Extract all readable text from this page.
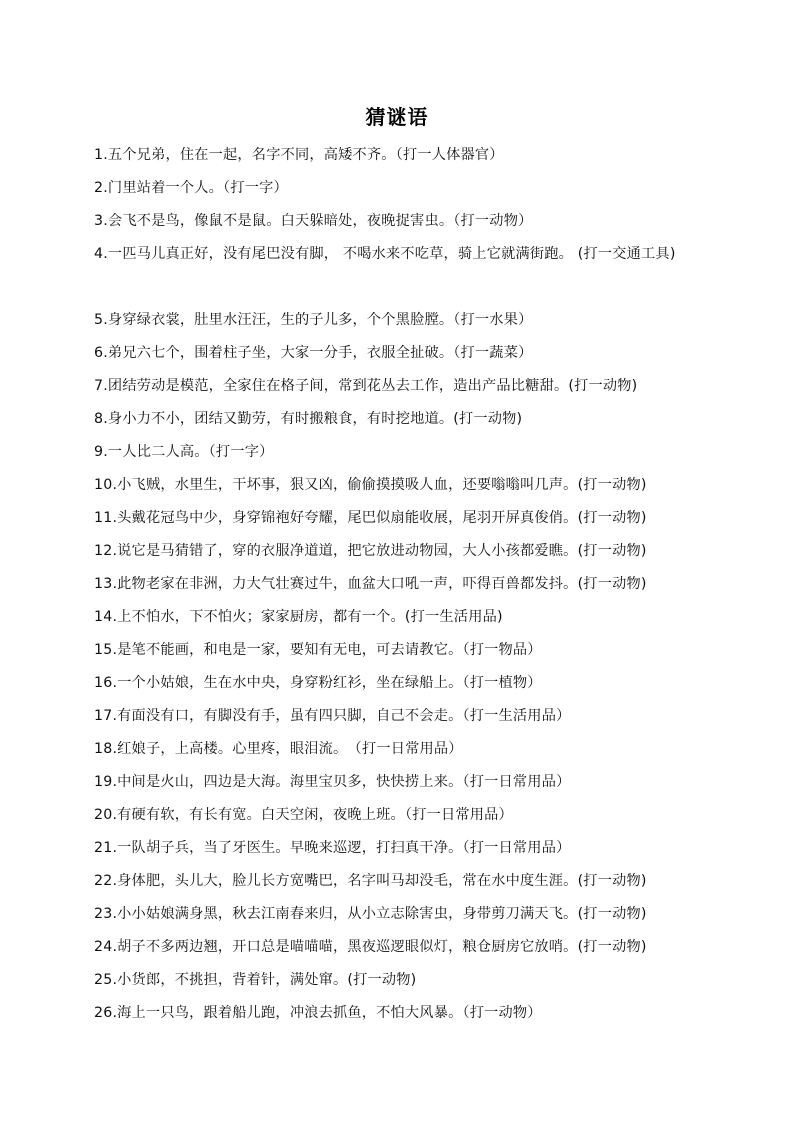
猜谜语
1.五个兄弟，住在一起，名字不同，高矮不齐。（打一人体器官）
2.门里站着一个人。（打一字）
3.会飞不是鸟，像鼠不是鼠。白天躲暗处，夜晚捉害虫。（打一动物）
4.一匹马儿真正好，没有尾巴没有脚， 不喝水来不吃草，骑上它就满街跑。 (打一交通工具)
5.身穿绿衣裳，肚里水汪汪，生的子儿多，个个黑脸膛。（打一水果）
6.弟兄六七个，围着柱子坐，大家一分手，衣服全扯破。（打一蔬菜）
7.团结劳动是模范，全家住在格子间，常到花丛去工作，造出产品比糖甜。(打一动物)
8.身小力不小，团结又勤劳，有时搬粮食，有时挖地道。(打一动物)
9.一人比二人高。（打一字）
10.小飞贼，水里生，干坏事，狠又凶，偷偷摸摸吸人血，还要嗡嗡叫几声。(打一动物)
11.头戴花冠鸟中少，身穿锦袍好夸耀，尾巴似扇能收展，尾羽开屏真俊俏。(打一动物)
12.说它是马猜错了，穿的衣服净道道，把它放进动物园，大人小孩都爱瞧。(打一动物)
13.此物老家在非洲，力大气壮赛过牛，血盆大口吼一声，吓得百兽都发抖。(打一动物)
14.上不怕水，下不怕火；家家厨房，都有一个。(打一生活用品)
15.是笔不能画，和电是一家，要知有无电，可去请教它。（打一物品）
16.一个小姑娘，生在水中央，身穿粉红衫，坐在绿船上。（打一植物）
17.有面没有口，有脚没有手，虽有四只脚，自己不会走。（打一生活用品）
18.红娘子，上高楼。心里疼，眼泪流。　（打一日常用品）
19.中间是火山，四边是大海。海里宝贝多，快快捞上来。（打一日常用品）
20.有硬有软，有长有宽。白天空闲，夜晚上班。（打一日常用品）
21.一队胡子兵，当了牙医生。早晚来巡逻，打扫真干净。（打一日常用品）
22.身体肥，头儿大，脸儿长方宽嘴巴，名字叫马却没毛，常在水中度生涯。(打一动物)
23.小小姑娘满身黑，秋去江南春来归，从小立志除害虫，身带剪刀满天飞。(打一动物)
24.胡子不多两边翘，开口总是喵喵喵，黑夜巡逻眼似灯，粮仓厨房它放哨。(打一动物)
25.小货郎，不挑担，背着针，满处窜。(打一动物)
26.海上一只鸟，跟着船儿跑，冲浪去抓鱼，不怕大风暴。（打一动物）
